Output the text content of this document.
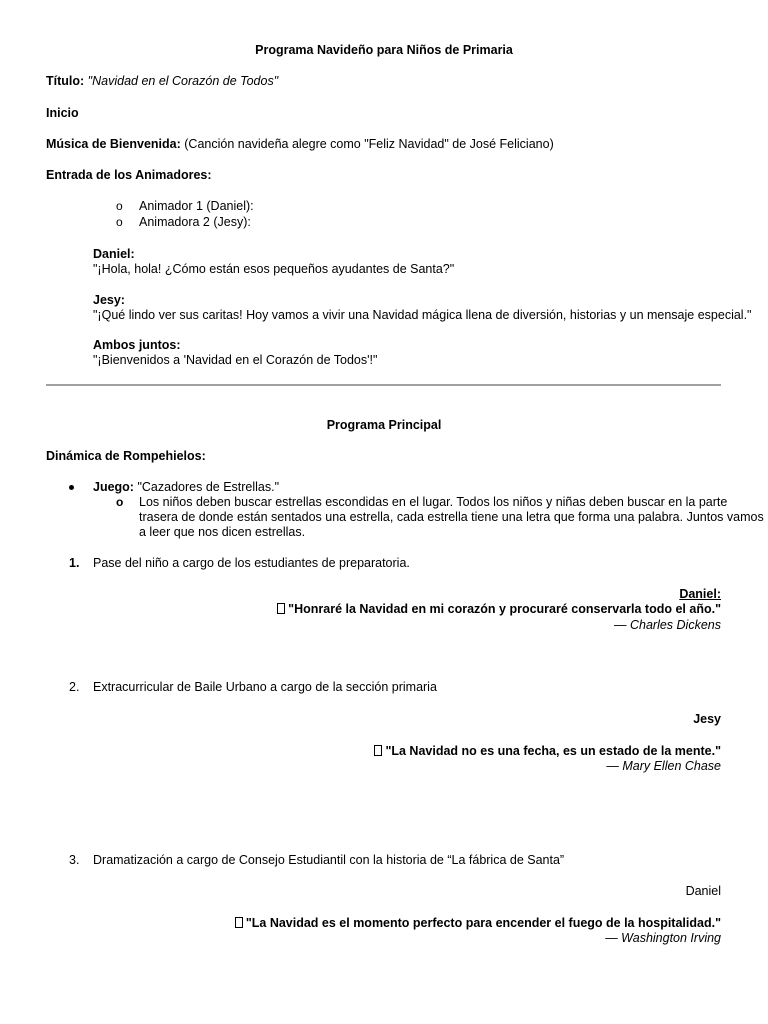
Programa Navideño para Niños de Primaria
Título: "Navidad en el Corazón de Todos"
Inicio
Música de Bienvenida: (Canción navideña alegre como "Feliz Navidad" de José Feliciano)
Entrada de los Animadores:
o Animador 1 (Daniel):
o Animadora 2 (Jesy):
Daniel:
"¡Hola, hola! ¿Cómo están esos pequeños ayudantes de Santa?"
Jesy:
"¡Qué lindo ver sus caritas! Hoy vamos a vivir una Navidad mágica llena de diversión, historias y un mensaje especial."
Ambos juntos:
"¡Bienvenidos a 'Navidad en el Corazón de Todos'!"
Programa Principal
Dinámica de Rompehielos:
Juego: "Cazadores de Estrellas."
o Los niños deben buscar estrellas escondidas en el lugar. Todos los niños y niñas deben buscar en la parte
trasera de donde están sentados una estrella, cada estrella tiene una letra que forma una palabra. Juntos vamos
a leer que nos dicen estrellas.
1. Pase del niño a cargo de los estudiantes de preparatoria.
Daniel:
"Honraré la Navidad en mi corazón y procuraré conservarla todo el año."
— Charles Dickens
2. Extracurricular de Baile Urbano a cargo de la sección primaria
Jesy
"La Navidad no es una fecha, es un estado de la mente."
— Mary Ellen Chase
3. Dramatización a cargo de Consejo Estudiantil con la historia de “La fábrica de Santa”
Daniel
"La Navidad es el momento perfecto para encender el fuego de la hospitalidad."
— Washington Irving
